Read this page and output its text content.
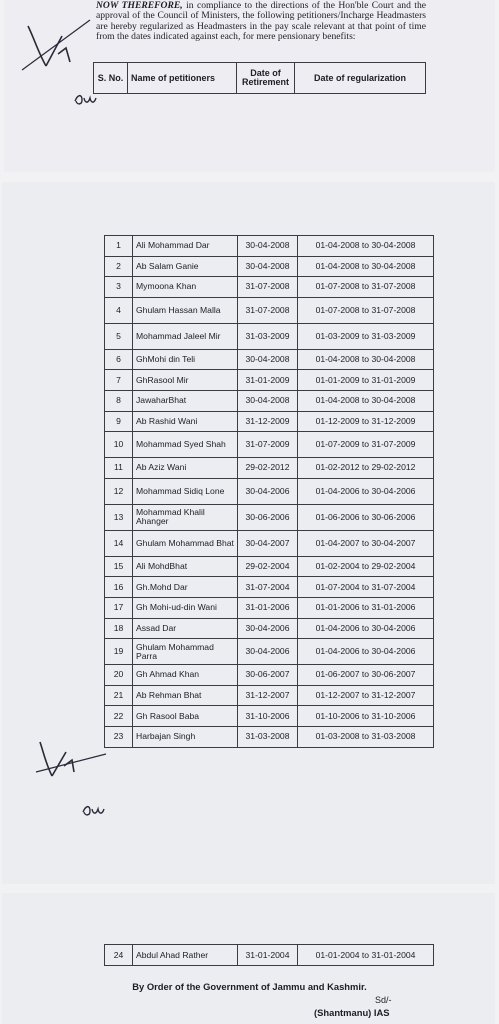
NOW THEREFORE, in compliance to the directions of the Hon'ble Court and the approval of the Council of Ministers, the following petitioners/Incharge Headmasters are hereby regularized as Headmasters in the pay scale relevant at that point of time from the dates indicated against each, for mere pensionary benefits:

S. No.	Name of petitioners	Date of Retirement	Date of regularization
1	Ali Mohammad Dar	30-04-2008	01-04-2008 to 30-04-2008
2	Ab Salam Ganie	30-04-2008	01-04-2008 to 30-04-2008
3	Mymoona Khan	31-07-2008	01-07-2008 to 31-07-2008
4	Ghulam Hassan Malla	31-07-2008	01-07-2008 to 31-07-2008
5	Mohammad Jaleel Mir	31-03-2009	01-03-2009 to 31-03-2009
6	GhMohi din Teli	30-04-2008	01-04-2008 to 30-04-2008
7	GhRasool Mir	31-01-2009	01-01-2009 to 31-01-2009
8	JawaharBhat	30-04-2008	01-04-2008 to 30-04-2008
9	Ab Rashid Wani	31-12-2009	01-12-2009 to 31-12-2009
10	Mohammad Syed Shah	31-07-2009	01-07-2009 to 31-07-2009
11	Ab Aziz Wani	29-02-2012	01-02-2012 to 29-02-2012
12	Mohammad Sidiq Lone	30-04-2006	01-04-2006 to 30-04-2006
13	Mohammad Khalil Ahanger	30-06-2006	01-06-2006 to 30-06-2006
14	Ghulam Mohammad Bhat	30-04-2007	01-04-2007 to 30-04-2007
15	Ali MohdBhat	29-02-2004	01-02-2004 to 29-02-2004
16	Gh.Mohd Dar	31-07-2004	01-07-2004 to 31-07-2004
17	Gh Mohi-ud-din Wani	31-01-2006	01-01-2006 to 31-01-2006
18	Assad Dar	30-04-2006	01-04-2006 to 30-04-2006
19	Ghulam Mohammad Parra	30-04-2006	01-04-2006 to 30-04-2006
20	Gh Ahmad Khan	30-06-2007	01-06-2007 to 30-06-2007
21	Ab Rehman Bhat	31-12-2007	01-12-2007 to 31-12-2007
22	Gh Rasool Baba	31-10-2006	01-10-2006 to 31-10-2006
23	Harbajan Singh	31-03-2008	01-03-2008 to 31-03-2008
24	Abdul Ahad Rather	31-01-2004	01-01-2004 to 31-01-2004
By Order of the Government of Jammu and Kashmir.
Sd/-
(Shantmanu) IAS
